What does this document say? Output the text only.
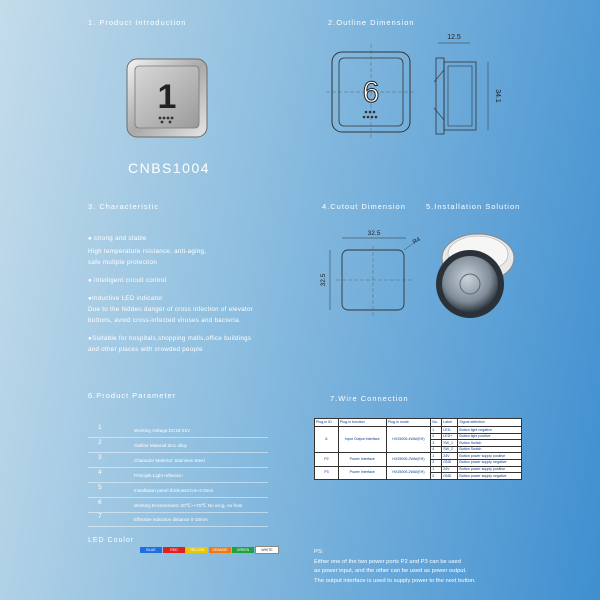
1. Product Introduction	2.Outline Dimension
3. Characteristic	4.Cutout Dimension	5.Installation Solution
6.Product Parameter	7.Wire Connection
1
CNBS1004
6
12.5
34.1
● strong and stable
High temperature rsistance, anti-aging,
safe mutiple protection
● intelligent circuit control
●Inductive LED indicator
Due to the hidden danger of cross infection of elevator
buttons, avoid cross-infected viruses and bacteria.
●Suitable for hospitals,shopping malls,office buildings
and other places with crowded people
32.5
R4
32.5
1	Working Voltage:DC18-32V
2	Outline Material:Zinc alloy
3	Character Material: Stainless Steel
4	Principle:Light reflection
5	Installation panel thickness:0.8~3.0mm
6	Working Environment:-20℃~+70℃ No icing, no frost
7	Effective induction distance 0-10mm
LED Coulor
BLUE	RED	YELLOW ORANGE	GREEN	WHITE
Plug-in ID	Plug-in function	Plug-in mode	No.	Label	Signal definition
I1	Input Output Interface	HX25005-4WAI(EH)	1	LED-	Button light negative
			2	LED+	Button light positive
			3	SW_1	Button Switch
			4	SW_2	Button Switch
P2	Power Interface	HX25005-2WAI(EH)	1	24V	Button power supply positive
			2	GND	Button power supply negative
P3	Power Interface	HX25005-2WAI(EH)	1	24V	Button power supply positive
			2	GND	Button power supply negative
PS:
Either one of the two power ports P2 and P3 can be used
as power input, and the other can be used as power output.
The output interface is used to supply power to the next button.
